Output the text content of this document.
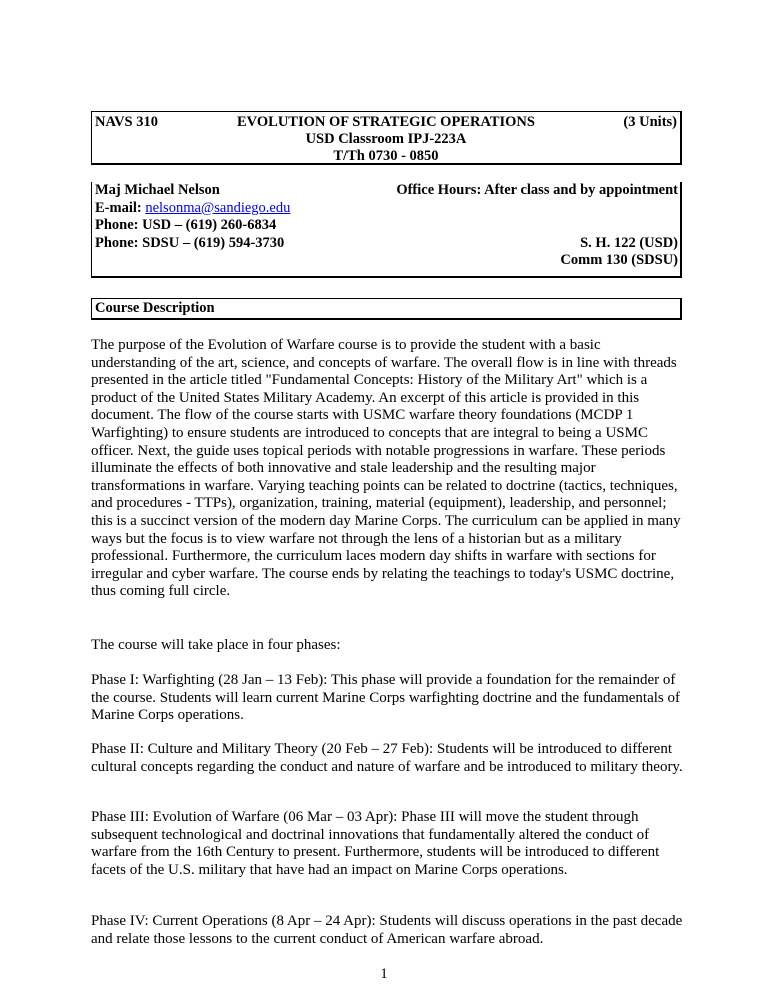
NAVS 310	EVOLUTION OF STRATEGIC OPERATIONS
USD Classroom IPJ-223A
T/Th 0730 - 0850
(3 Units)
Maj Michael Nelson
E-mail: nelsonma@sandiego.edu
Phone: USD – (619) 260-6834
Phone: SDSU – (619) 594-3730
Office Hours: After class and by appointment
S. H. 122 (USD)
Comm 130 (SDSU)
Course Description

The purpose of the Evolution of Warfare course is to provide the student with a basic understanding of the art, science, and concepts of warfare. The overall flow is in line with threads presented in the article titled "Fundamental Concepts: History of the Military Art" which is a product of the United States Military Academy. An excerpt of this article is provided in this document. The flow of the course starts with USMC warfare theory foundations (MCDP 1 Warfighting) to ensure students are introduced to concepts that are integral to being a USMC officer. Next, the guide uses topical periods with notable progressions in warfare. These periods illuminate the effects of both innovative and stale leadership and the resulting major transformations in warfare. Varying teaching points can be related to doctrine (tactics, techniques, and procedures - TTPs), organization, training, material (equipment), leadership, and personnel; this is a succinct version of the modern day Marine Corps. The curriculum can be applied in many ways but the focus is to view warfare not through the lens of a historian but as a military professional. Furthermore, the curriculum laces modern day shifts in warfare with sections for irregular and cyber warfare. The course ends by relating the teachings to today's USMC doctrine, thus coming full circle.

The course will take place in four phases:

Phase I: Warfighting (28 Jan – 13 Feb): This phase will provide a foundation for the remainder of the course. Students will learn current Marine Corps warfighting doctrine and the fundamentals of Marine Corps operations.

Phase II: Culture and Military Theory (20 Feb – 27 Feb): Students will be introduced to different cultural concepts regarding the conduct and nature of warfare and be introduced to military theory.

Phase III: Evolution of Warfare (06 Mar – 03 Apr): Phase III will move the student through subsequent technological and doctrinal innovations that fundamentally altered the conduct of warfare from the 16th Century to present. Furthermore, students will be introduced to different facets of the U.S. military that have had an impact on Marine Corps operations.

Phase IV: Current Operations (8 Apr – 24 Apr): Students will discuss operations in the past decade and relate those lessons to the current conduct of American warfare abroad.

1
